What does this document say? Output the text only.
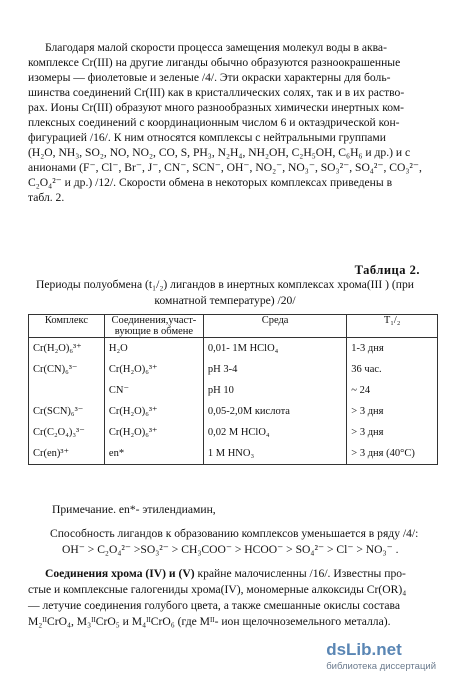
Благодаря малой скорости процесса замещения молекул воды в аква-
комплексе Cr(III) на другие лиганды обычно образуются разноокрашенные
изомеры — фиолетовые и зеленые /4/. Эти окраски характерны для боль-
шинства соединений Cr(III) как в кристаллических солях, так и в их раство-
рах. Ионы Cr(III) образуют много разнообразных химически инертных ком-
плексных соединений с координационным числом 6 и октаэдрической кон-
фигурацией /16/. К ним относятся комплексы с нейтральными группами
(H₂O, NH₃, SO₂, NO, NO₂, CO, S, PH₃, N₂H₄, NH₂OH, C₂H₅OH, C₆H₆ и др.) и с
анионами (F⁻, Cl⁻, Br⁻, J⁻, CN⁻, SCN⁻, OH⁻, NO₂⁻, NO₃⁻, SO₃²⁻, SO₄²⁻, CO₃²⁻,
C₂O₄²⁻ и др.) /12/. Скорости обмена в некоторых комплексах приведены в
табл. 2.
Таблица 2.
Периоды полуобмена (t₁/₂) лигандов в инертных комплексах хрома(III ) (при
комнатной температуре) /20/
Комплекс	Соединения,участ-вующие в обмене	Среда	T₁/₂
Cr(H₂O)₆³⁺	H₂O	0,01- 1M HClO₄	1-3 дня
Cr(CN)₆³⁻	Cr(H₂O)₆³⁺	pH 3-4	36 час.
	CN⁻	pH 10	~ 24
Cr(SCN)₆³⁻	Cr(H₂O)₆³⁺	0,05-2,0M кислота	> 3 дня
Cr(C₂O₄)₃³⁻	Cr(H₂O)₆³⁺	0,02 M HClO₄	> 3 дня
Cr(en)³⁺	en*	1 M HNO₃	> 3 дня (40°C)
Примечание. en*- этилендиамин,
Способность лигандов к образованию комплексов уменьшается в ряду /4/:
OH⁻ > C₂O₄²⁻ >SO₃²⁻ > CH₃COO⁻ > HCOO⁻ > SO₄²⁻ > Cl⁻ > NO₃⁻ .
Соединения хрома (IV) и (V) крайне малочисленны /16/. Известны про-
стые и комплексные галогениды хрома(IV), мономерные алкоксиды Cr(OR)₄
— летучие соединения голубого цвета, а также смешанные окислы состава
M₂ᴵᴵCrO₄, M₃ᴵᴵCrO₅ и M₄ᴵᴵCrO₆ (где Mᴵᴵ- ион щелочноземельного металла).
dsLib.net
библиотека диссертаций
